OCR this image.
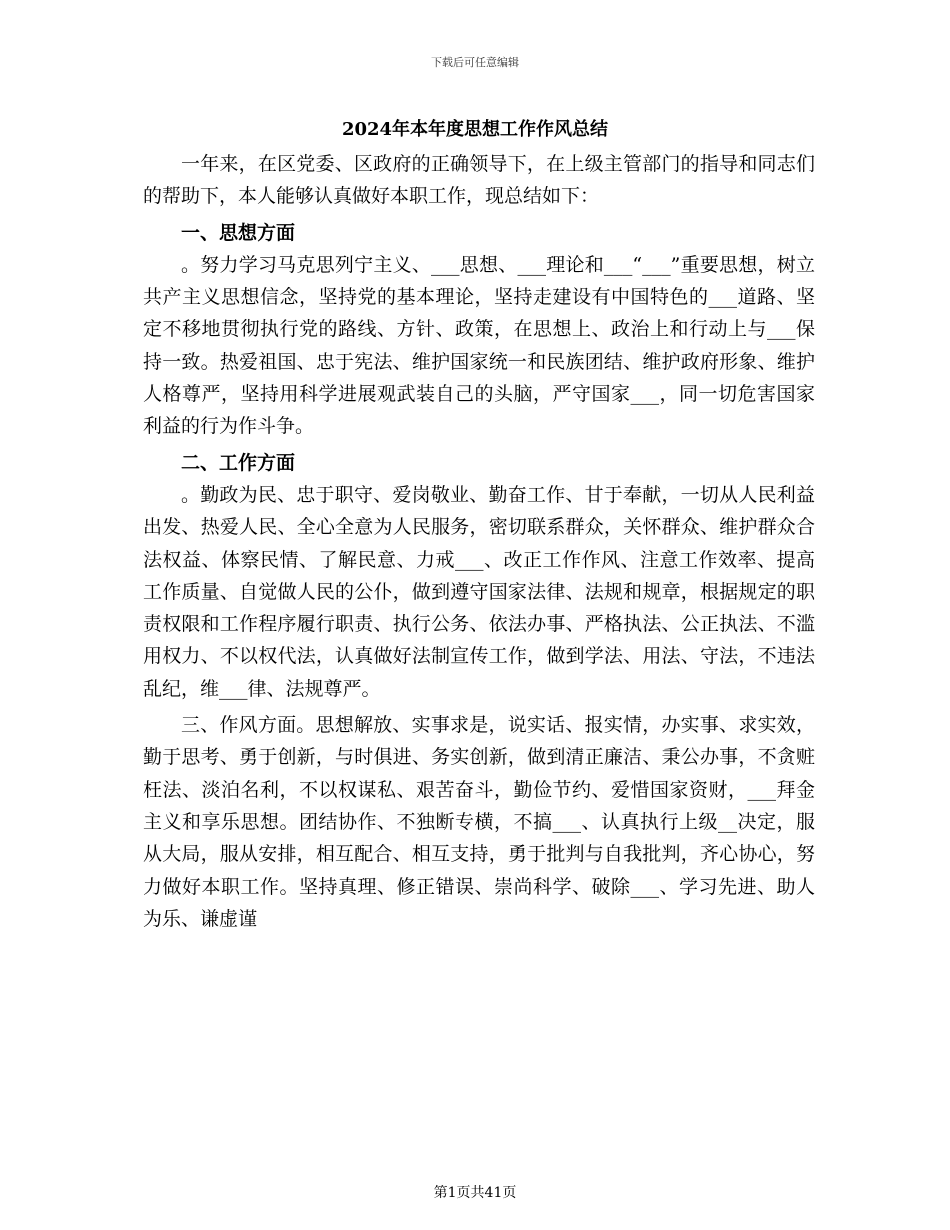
下载后可任意编辑
2024年本年度思想工作作风总结

一年来，在区党委、区政府的正确领导下，在上级主管部门的指导和同志们的帮助下，本人能够认真做好本职工作，现总结如下：

一、思想方面

。努力学习马克思列宁主义、___思想、___理论和___“___”重要思想，树立共产主义思想信念，坚持党的基本理论，坚持走建设有中国特色的___道路、坚定不移地贯彻执行党的路线、方针、政策，在思想上、政治上和行动上与___保持一致。热爱祖国、忠于宪法、维护国家统一和民族团结、维护政府形象、维护人格尊严，坚持用科学进展观武装自己的头脑，严守国家___，同一切危害国家利益的行为作斗争。

二、工作方面

。勤政为民、忠于职守、爱岗敬业、勤奋工作、甘于奉献，一切从人民利益出发、热爱人民、全心全意为人民服务，密切联系群众，关怀群众、维护群众合法权益、体察民情、了解民意、力戒___、改正工作作风、注意工作效率、提高工作质量、自觉做人民的公仆，做到遵守国家法律、法规和规章，根据规定的职责权限和工作程序履行职责、执行公务、依法办事、严格执法、公正执法、不滥用权力、不以权代法，认真做好法制宣传工作，做到学法、用法、守法，不违法乱纪，维___律、法规尊严。

三、作风方面。思想解放、实事求是，说实话、报实情，办实事、求实效，勤于思考、勇于创新，与时俱进、务实创新，做到清正廉洁、秉公办事，不贪赃枉法、淡泊名利，不以权谋私、艰苦奋斗，勤俭节约、爱惜国家资财，___拜金主义和享乐思想。团结协作、不独断专横，不搞___、认真执行上级__决定，服从大局，服从安排，相互配合、相互支持，勇于批判与自我批判，齐心协心，努力做好本职工作。坚持真理、修正错误、崇尚科学、破除___、学习先进、助人为乐、谦虚谨

第1页共41页
